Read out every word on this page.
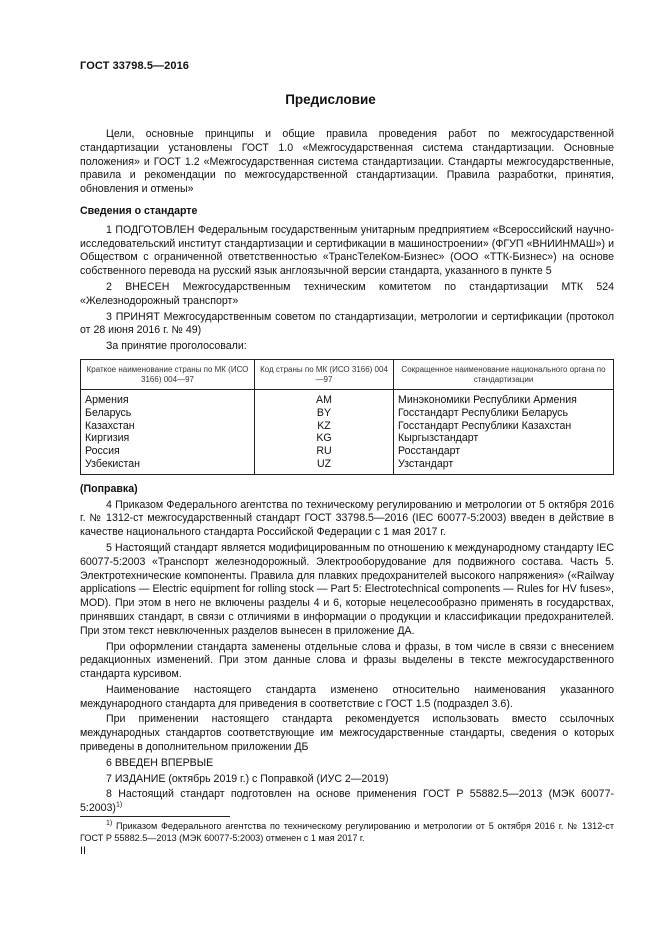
ГОСТ 33798.5—2016
Предисловие

Цели, основные принципы и общие правила проведения работ по межгосударственной стандартизации установлены ГОСТ 1.0 «Межгосударственная система стандартизации. Основные положения» и ГОСТ 1.2 «Межгосударственная система стандартизации. Стандарты межгосударственные, правила и рекомендации по межгосударственной стандартизации. Правила разработки, принятия, обновления и отмены»

Сведения о стандарте

1 ПОДГОТОВЛЕН Федеральным государственным унитарным предприятием «Всероссийский научно-исследовательский институт стандартизации и сертификации в машиностроении» (ФГУП «ВНИИНМАШ») и Обществом с ограниченной ответственностью «ТрансТелеКом-Бизнес» (ООО «ТТК-Бизнес») на основе собственного перевода на русский язык англоязычной версии стандарта, указанного в пункте 5

2 ВНЕСЕН Межгосударственным техническим комитетом по стандартизации МТК 524 «Железнодорожный транспорт»

3 ПРИНЯТ Межгосударственным советом по стандартизации, метрологии и сертификации (протокол от 28 июня 2016 г. № 49)

За принятие проголосовали:

Краткое наименование страны по МК (ИСО 3166) 004—97	Код страны по МК (ИСО 3166) 004—97	Сокращенное наименование национального органа по стандартизации
Армения	AM	Минэкономики Республики Армения
Беларусь	BY	Госстандарт Республики Беларусь
Казахстан	KZ	Госстандарт Республики Казахстан
Киргизия	KG	Кыргызстандарт
Россия	RU	Росстандарт
Узбекистан	UZ	Узстандарт
(Поправка)

4 Приказом Федерального агентства по техническому регулированию и метрологии от 5 октября 2016 г. № 1312-ст межгосударственный стандарт ГОСТ 33798.5—2016 (IEC 60077-5:2003) введен в действие в качестве национального стандарта Российской Федерации с 1 мая 2017 г.

5 Настоящий стандарт является модифицированным по отношению к международному стандарту IEC 60077-5:2003 «Транспорт железнодорожный. Электрооборудование для подвижного состава. Часть 5. Электротехнические компоненты. Правила для плавких предохранителей высокого напряжения» («Railway applications — Electric equipment for rolling stock — Part 5: Electrotechnical components — Rules for HV fuses», MOD). При этом в него не включены разделы 4 и 6, которые нецелесообразно применять в государствах, принявших стандарт, в связи с отличиями в информации о продукции и классификации предохранителей. При этом текст невключенных разделов вынесен в приложение ДА.

При оформлении стандарта заменены отдельные слова и фразы, в том числе в связи с внесением редакционных изменений. При этом данные слова и фразы выделены в тексте межгосударственного стандарта курсивом.

Наименование настоящего стандарта изменено относительно наименования указанного международного стандарта для приведения в соответствие с ГОСТ 1.5 (подраздел 3.6).

При применении настоящего стандарта рекомендуется использовать вместо ссылочных международных стандартов соответствующие им межгосударственные стандарты, сведения о которых приведены в дополнительном приложении ДБ

6 ВВЕДЕН ВПЕРВЫЕ

7 ИЗДАНИЕ (октябрь 2019 г.) с Поправкой (ИУС 2—2019)

8 Настоящий стандарт подготовлен на основе применения ГОСТ Р 55882.5—2013 (МЭК 60077-5:2003)$^{1)}$

$^{1)}$ Приказом Федерального агентства по техническому регулированию и метрологии от 5 октября 2016 г. № 1312-ст ГОСТ Р 55882.5—2013 (МЭК 60077-5:2003) отменен с 1 мая 2017 г.
II
